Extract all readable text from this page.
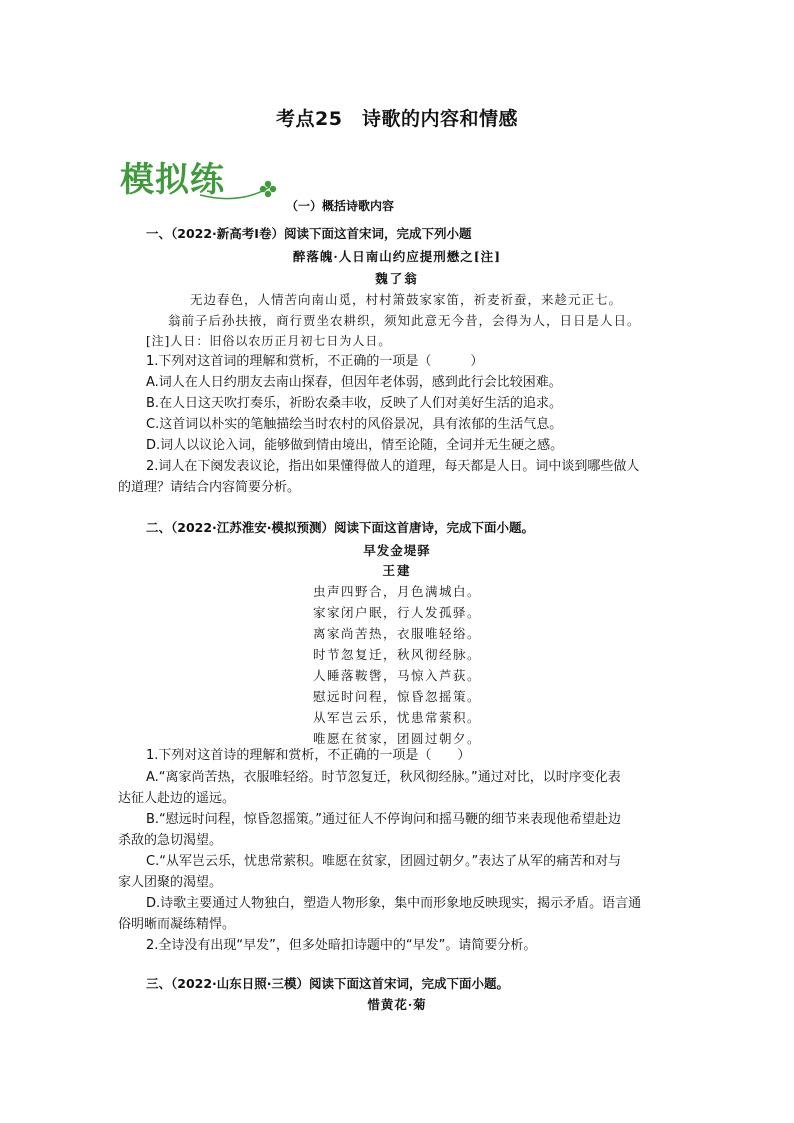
考点25　诗歌的内容和情感
模拟练
（一）概括诗歌内容
一、（2022·新高考Ⅰ卷）阅读下面这首宋词，完成下列小题
醉落魄·人日南山约应提刑懋之[注]
魏了翁
无边春色，人情苦向南山觅，村村箫鼓家家笛，祈麦祈蚕，来趁元正七。
翁前子后孙扶掖，商行贾坐农耕织，须知此意无今昔，会得为人，日日是人日。
[注]人日：旧俗以农历正月初七日为人日。
1.下列对这首词的理解和赏析，不正确的一项是（　　　）
A.词人在人日约朋友去南山探春，但因年老体弱，感到此行会比较困难。
B.在人日这天吹打奏乐，祈盼农桑丰收，反映了人们对美好生活的追求。
C.这首词以朴实的笔触描绘当时农村的风俗景况，具有浓郁的生活气息。
D.词人以议论入词，能够做到情由境出，情至论随，全词并无生硬之感。
2.词人在下阕发表议论，指出如果懂得做人的道理，每天都是人日。词中谈到哪些做人
的道理？请结合内容简要分析。
二、（2022·江苏淮安·模拟预测）阅读下面这首唐诗，完成下面小题。
早发金堤驿
王建
虫声四野合，月色满城白。
家家闭户眠，行人发孤驿。
离家尚苦热，衣服唯轻绤。
时节忽复迁，秋风彻经脉。
人睡落鞍辔，马惊入芦荻。
慰远时问程，惊昏忽摇策。
从军岂云乐，忧患常萦积。
唯愿在贫家，团圆过朝夕。
1.下列对这首诗的理解和赏析，不正确的一项是（　　）
A.“离家尚苦热，衣服唯轻绤。时节忽复迁，秋风彻经脉。”通过对比，以时序变化表
达征人赴边的遥远。
B.“慰远时问程，惊昏忽摇策。”通过征人不停询问和摇马鞭的细节来表现他希望赴边
杀敌的急切渴望。
C.“从军岂云乐，忧患常萦积。唯愿在贫家，团圆过朝夕。”表达了从军的痛苦和对与
家人团聚的渴望。
D.诗歌主要通过人物独白，塑造人物形象，集中而形象地反映现实，揭示矛盾。语言通
俗明晰而凝练精悍。
2.全诗没有出现“早发”，但多处暗扣诗题中的“早发”。请简要分析。
三、（2022·山东日照·三模）阅读下面这首宋词，完成下面小题。
惜黄花·菊
